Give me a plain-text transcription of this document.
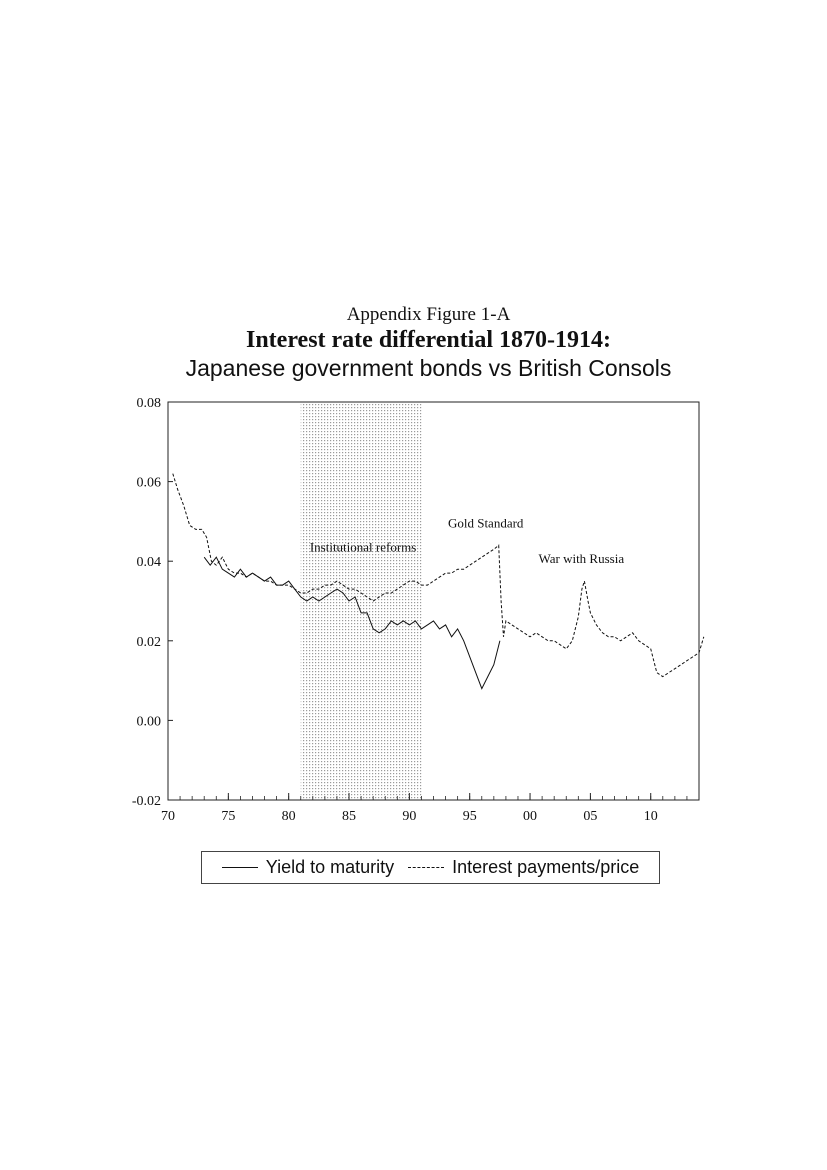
Appendix Figure 1-A
Interest rate differential 1870-1914:
Japanese government bonds vs British Consols
-0.02
0.00
0.02
0.04
0.06
0.08
70	75	80	85	90	95	00	05	10
Institutional reforms
Gold Standard
War with Russia
Yield to maturity	Interest payments/price
